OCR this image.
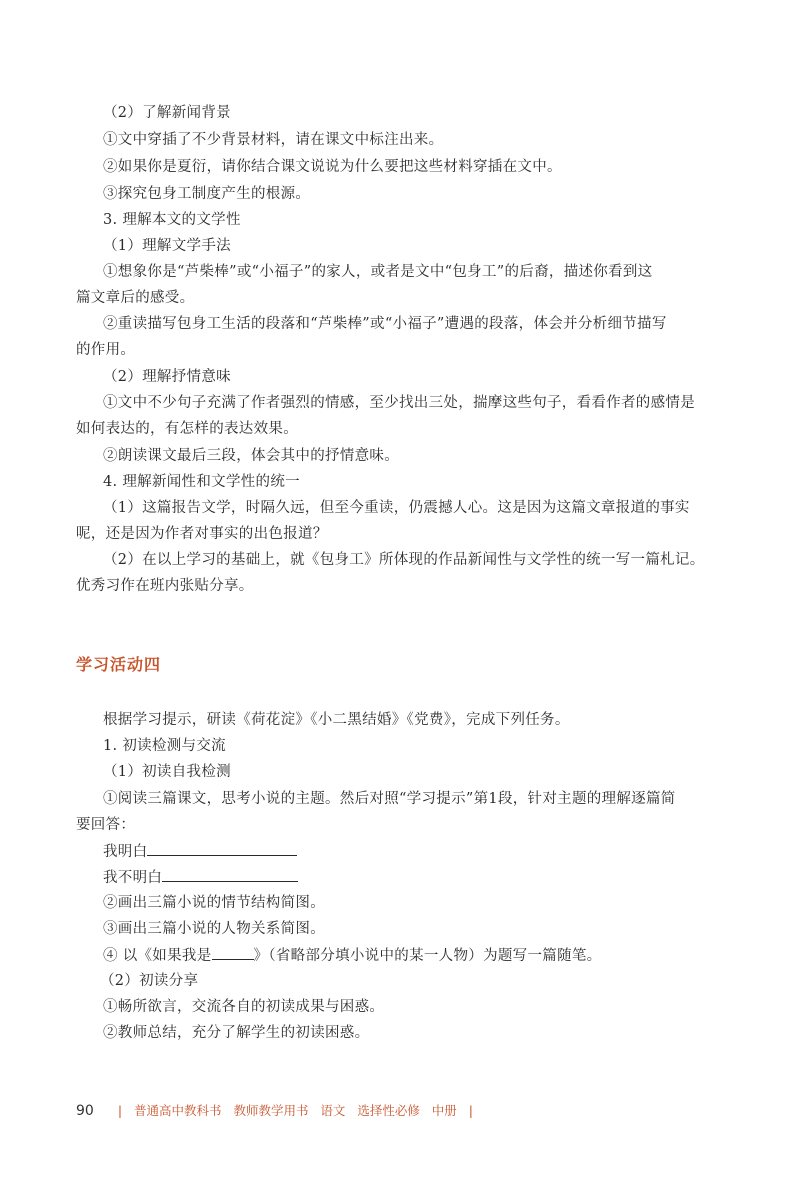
（2）了解新闻背景
①文中穿插了不少背景材料，请在课文中标注出来。
②如果你是夏衍，请你结合课文说说为什么要把这些材料穿插在文中。
③探究包身工制度产生的根源。
3. 理解本文的文学性
（1）理解文学手法
①想象你是“芦柴棒”或“小福子”的家人，或者是文中“包身工”的后裔，描述你看到这
篇文章后的感受。
②重读描写包身工生活的段落和“芦柴棒”或“小福子”遭遇的段落，体会并分析细节描写
的作用。
（2）理解抒情意味
①文中不少句子充满了作者强烈的情感，至少找出三处，揣摩这些句子，看看作者的感情是
如何表达的，有怎样的表达效果。
②朗读课文最后三段，体会其中的抒情意味。
4. 理解新闻性和文学性的统一
（1）这篇报告文学，时隔久远，但至今重读，仍震撼人心。这是因为这篇文章报道的事实
呢，还是因为作者对事实的出色报道？
（2）在以上学习的基础上，就《包身工》所体现的作品新闻性与文学性的统一写一篇札记。
优秀习作在班内张贴分享。
学习活动四
根据学习提示，研读《荷花淀》《小二黑结婚》《党费》，完成下列任务。
1. 初读检测与交流
（1）初读自我检测
①阅读三篇课文，思考小说的主题。然后对照“学习提示”第1段，针对主题的理解逐篇简
要回答：
我明白
我不明白
②画出三篇小说的情节结构简图。
③画出三篇小说的人物关系简图。
④ 以《如果我是	》（省略部分填小说中的某一人物）为题写一篇随笔。
（2）初读分享
①畅所欲言，交流各自的初读成果与困惑。
②教师总结，充分了解学生的初读困惑。
90 | 普通高中教科书 教师教学用书 语文 选择性必修 中册 |
